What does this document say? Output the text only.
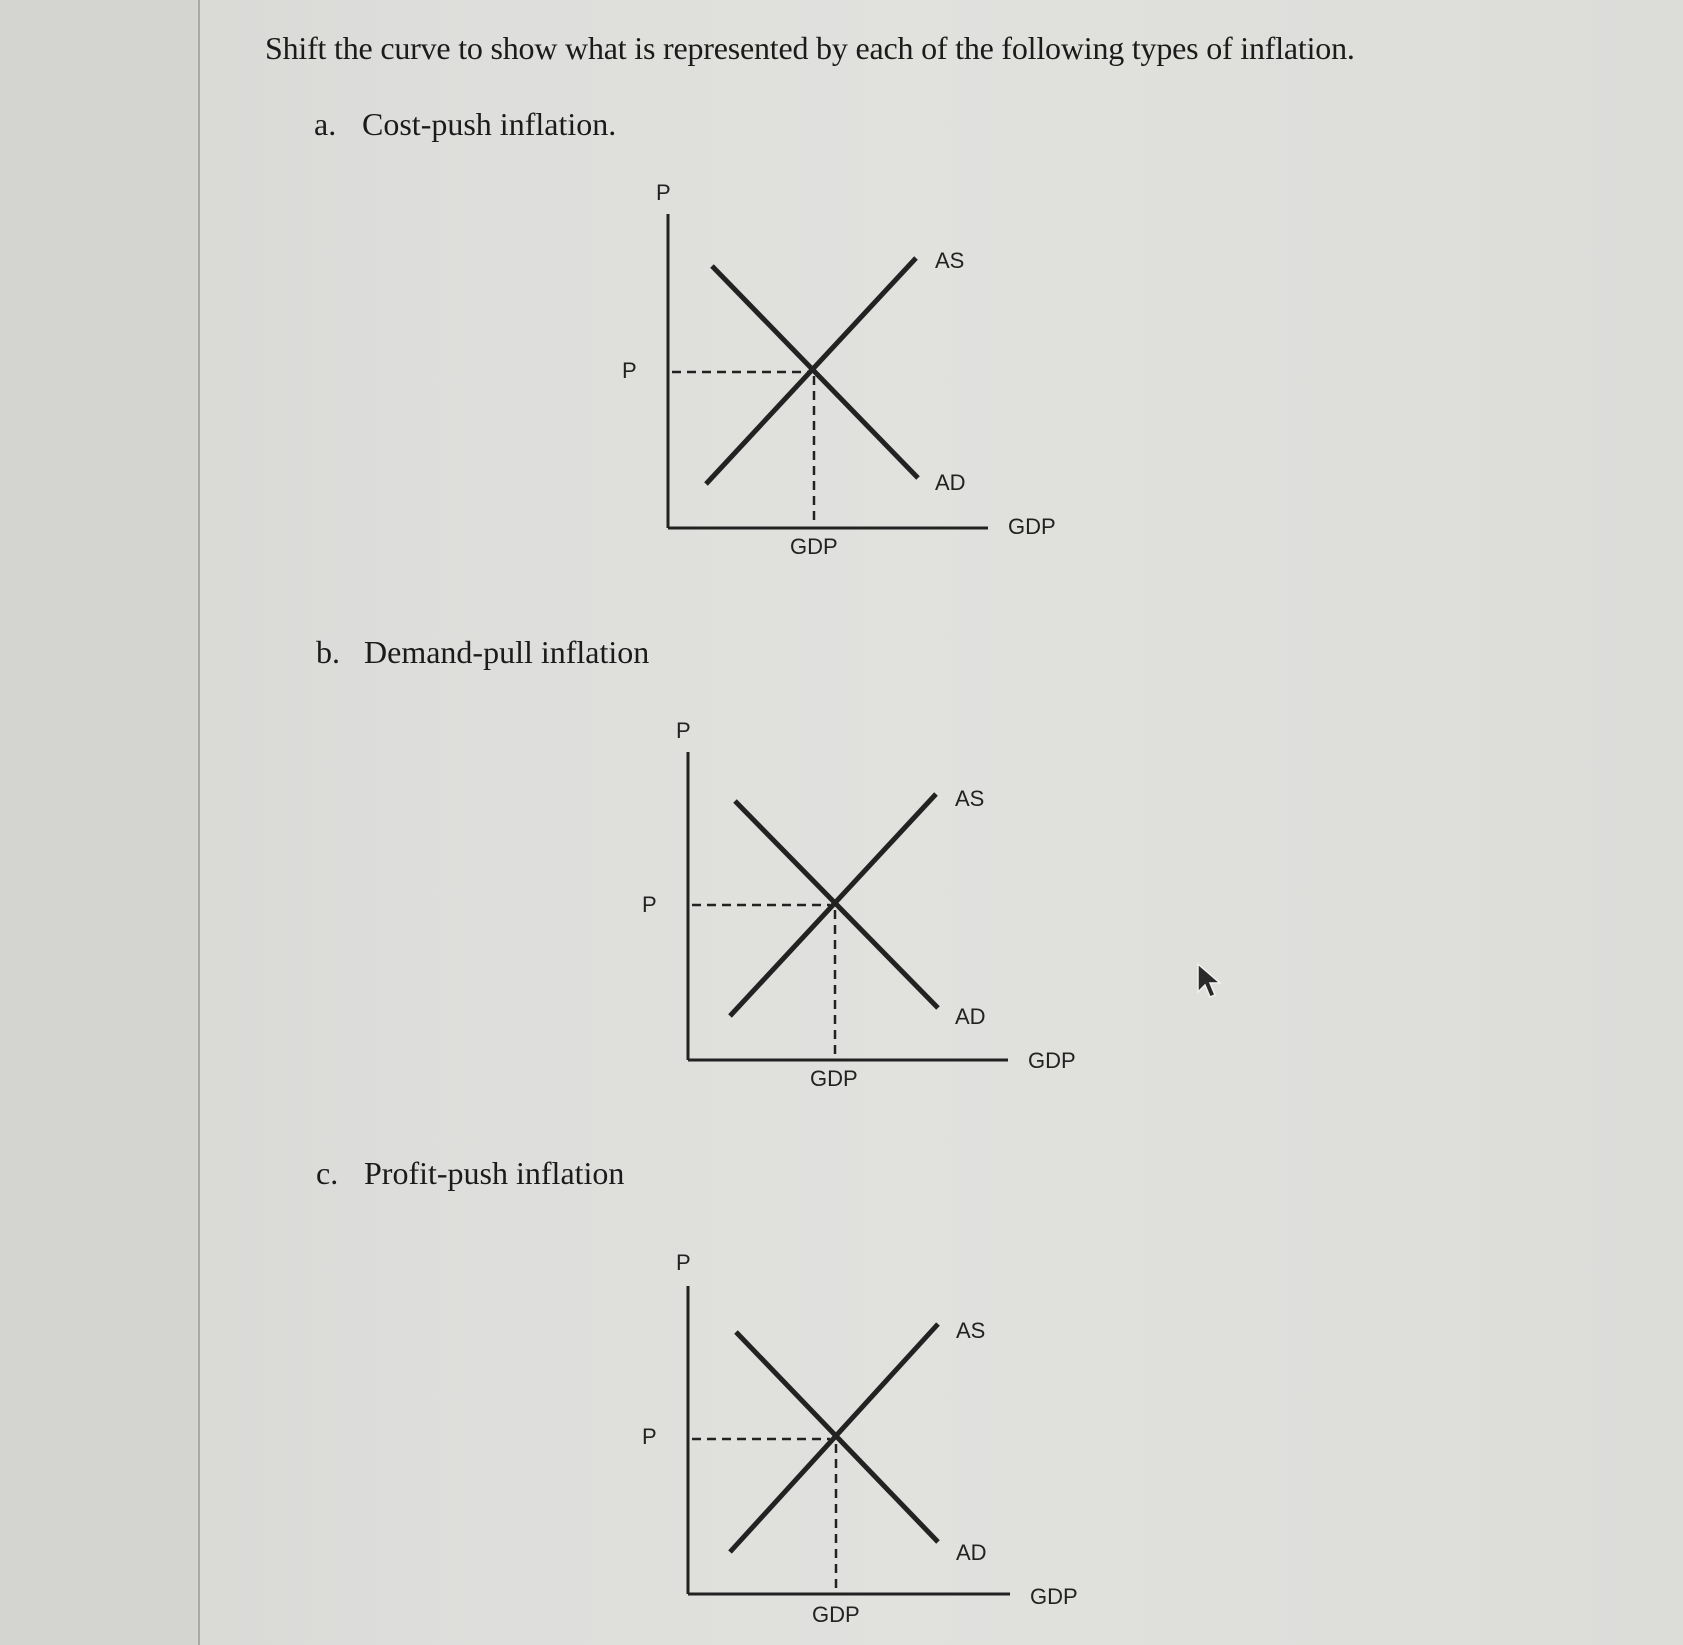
Shift the curve to show what is represented by each of the following types of inflation.
a. Cost-push inflation.
P
P
AS
AD
GDP
GDP
b. Demand-pull inflation
P
P
AS
AD
GDP
GDP
c. Profit-push inflation
P
P
AS
AD
GDP
GDP
